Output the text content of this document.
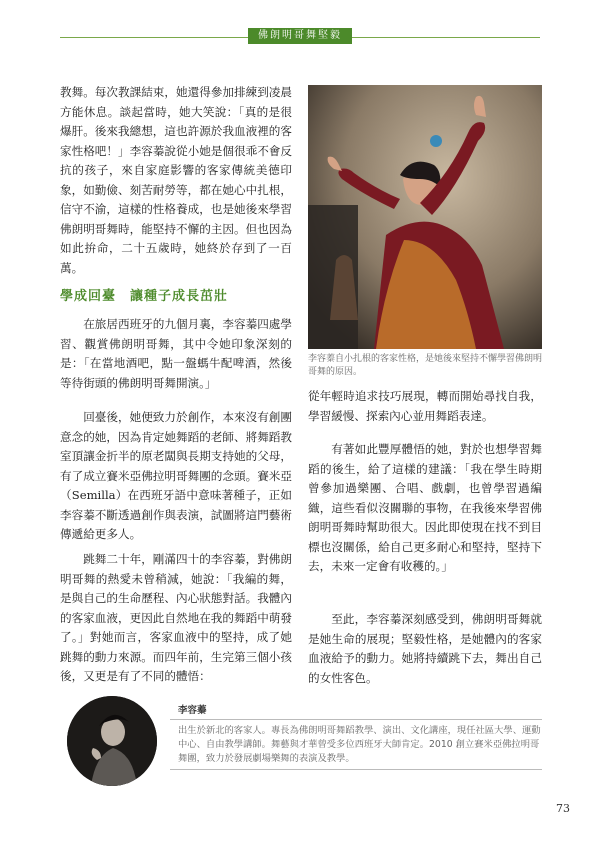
佛朗明哥舞堅毅

教舞。每次教課結束，她還得參加排練到凌晨方能休息。談起當時，她大笑說：「真的是很爆肝。後來我總想，這也許源於我血液裡的客家性格吧！」李容蓁說從小她是個很乖不會反抗的孩子，來自家庭影響的客家傳統美德印象，如勤儉、刻苦耐勞等，都在她心中扎根，信守不渝，這樣的性格養成，也是她後來學習佛朗明哥舞時，能堅持不懈的主因。但也因為如此拚命，二十五歲時，她終於存到了一百萬。

學成回臺　讓種子成長茁壯

在旅居西班牙的九個月裏，李容蓁四處學習、觀賞佛朗明哥舞，其中令她印象深刻的是：「在當地酒吧，點一盤螞牛配啤酒，然後等待街頭的佛朗明哥舞開演。」

回臺後，她便致力於創作，本來沒有創團意念的她，因為肯定她舞蹈的老師、將舞蹈教室頂讓金折半的原老闆與長期支持她的父母，有了成立賽米亞佛拉明哥舞團的念頭。賽米亞（Semilla）在西班牙語中意味著種子，正如李容蓁不斷透過創作與表演，試圖將這門藝術傳遞給更多人。

跳舞二十年，剛滿四十的李容蓁，對佛朗明哥舞的熱愛未曾稍減，她說：「我編的舞，是與自己的生命歷程、內心狀態對話。我體內的客家血液，更因此自然地在我的舞蹈中萌發了。」對她而言，客家血液中的堅持，成了她跳舞的動力來源。而四年前，生完第三個小孩後，又更是有了不同的體悟：

李容蓁自小扎根的客家性格，是她後來堅持不懈學習佛朗明哥舞的原因。

從年輕時追求技巧展現，轉而開始尋找自我，學習緩慢、探索內心並用舞蹈表達。

有著如此豐厚體悟的她，對於也想學習舞蹈的後生，給了這樣的建議：「我在學生時期曾參加過樂團、合唱、戲劇，也曾學習過編織，這些看似沒關聯的事物，在我後來學習佛朗明哥舞時幫助很大。因此即使現在找不到目標也沒關係，給自己更多耐心和堅持，堅持下去，未來一定會有收穫的。」

至此，李容蓁深刻感受到，佛朗明哥舞就是她生命的展現；堅毅性格，是她體內的客家血液給予的動力。她將持續跳下去，舞出自己的女性客色。

李容蓁

出生於新北的客家人。專長為佛朗明哥舞蹈教學、演出、文化講座，現任社區大學、運動中心、自由教學講師。舞藝與才華曾受多位西班牙大師肯定。2010 創立賽米亞佛拉明哥舞團，致力於發展劇場樂舞的表演及教學。

73
